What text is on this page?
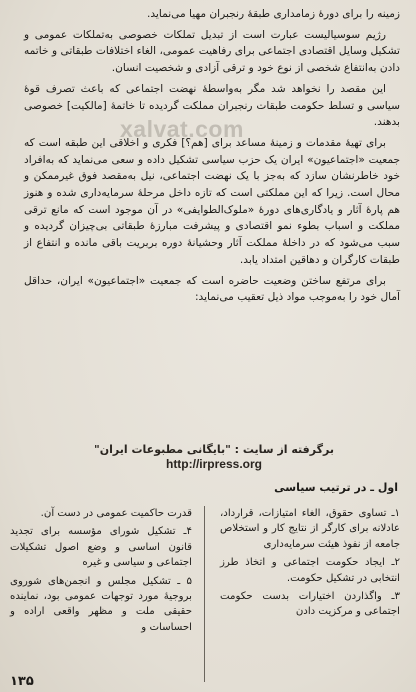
زمینه را برای دورهٔ زمامداری طبقهٔ رنجبران مهیا می‌نماید.

رژیم سوسیالیست عبارت است از تبدیل تملکات خصوصی به‌تملکات عمومی و تشکیل وسایل اقتصادی اجتماعی برای رفاهیت عمومی، الغاء اختلافات طبقاتی و خاتمه دادن به‌انتفاع شخصی از نوع خود و ترقی آزادی و شخصیت انسان.

این مقصد را نخواهد شد مگر به‌واسطهٔ نهضت اجتماعی که باعث تصرف قوهٔ سیاسی و تسلط حکومت طبقات رنجبران مملکت گردیده تا خاتمهٔ [مالکیت] خصوصی بدهند.

برای تهیهٔ مقدمات و زمینهٔ مساعد برای [هم؟] فکری و اخلاقی این طبقه است که جمعیت «اجتماعیون» ایران یک حزب سیاسی تشکیل داده و سعی می‌نماید که به‌افراد خود خاطرنشان سازد که به‌جز با یک نهضت اجتماعی، نیل به‌مقصد فوق غیرممکن و محال است. زیرا که این مملکتی است که تازه داخل مرحلهٔ سرمایه‌داری شده و هنوز هم پارهٔ آثار و یادگاری‌های دورهٔ «ملوک‌الطوایفی» در آن موجود است که مانع ترقی مملکت و اسباب بطوء نمو اقتصادی و پیشرفت مبارزهٔ طبقاتی بی‌چیزان گردیده و سبب می‌شود که در داخلهٔ مملکت آثار وحشیانهٔ دوره بربریت باقی مانده و انتفاع از طبقات کارگران و دهاقین امتداد یابد.

برای مرتفع ساختن وضعیت حاضره است که جمعیت «اجتماعیون» ایران، حداقل آمال خود را به‌موجب مواد ذیل تعقیب می‌نماید:

xalvat.com
برگرفته از سایت : "بایگانی مطبوعات ایران"
http://irpress.org
اول ـ در ترتیب سیاسی

۱ـ تساوی حقوق، الغاء امتیازات، قرارداد، عادلانه برای کارگر از نتایج کار و استخلاص جامعه از نفوذ هیئت سرمایه‌داری

۲ـ ایجاد حکومت اجتماعی و اتخاذ طرز انتخابی در تشکیل حکومت.

۳ـ واگذاردن اختیارات بدست حکومت اجتماعی و مرکزیت دادن

قدرت حاکمیت عمومی در دست آن.

۴ـ تشکیل شورای مؤسسه برای تجدید قانون اساسی و وضع اصول تشکیلات اجتماعی و سیاسی و غیره

۵ ـ تشکیل مجلس و انجمن‌های شوروی بروجیهٔ مورد توجهات عمومی بود، نماینده حقیقی ملت و مظهر واقعی اراده و احساسات و

۱۳۵
